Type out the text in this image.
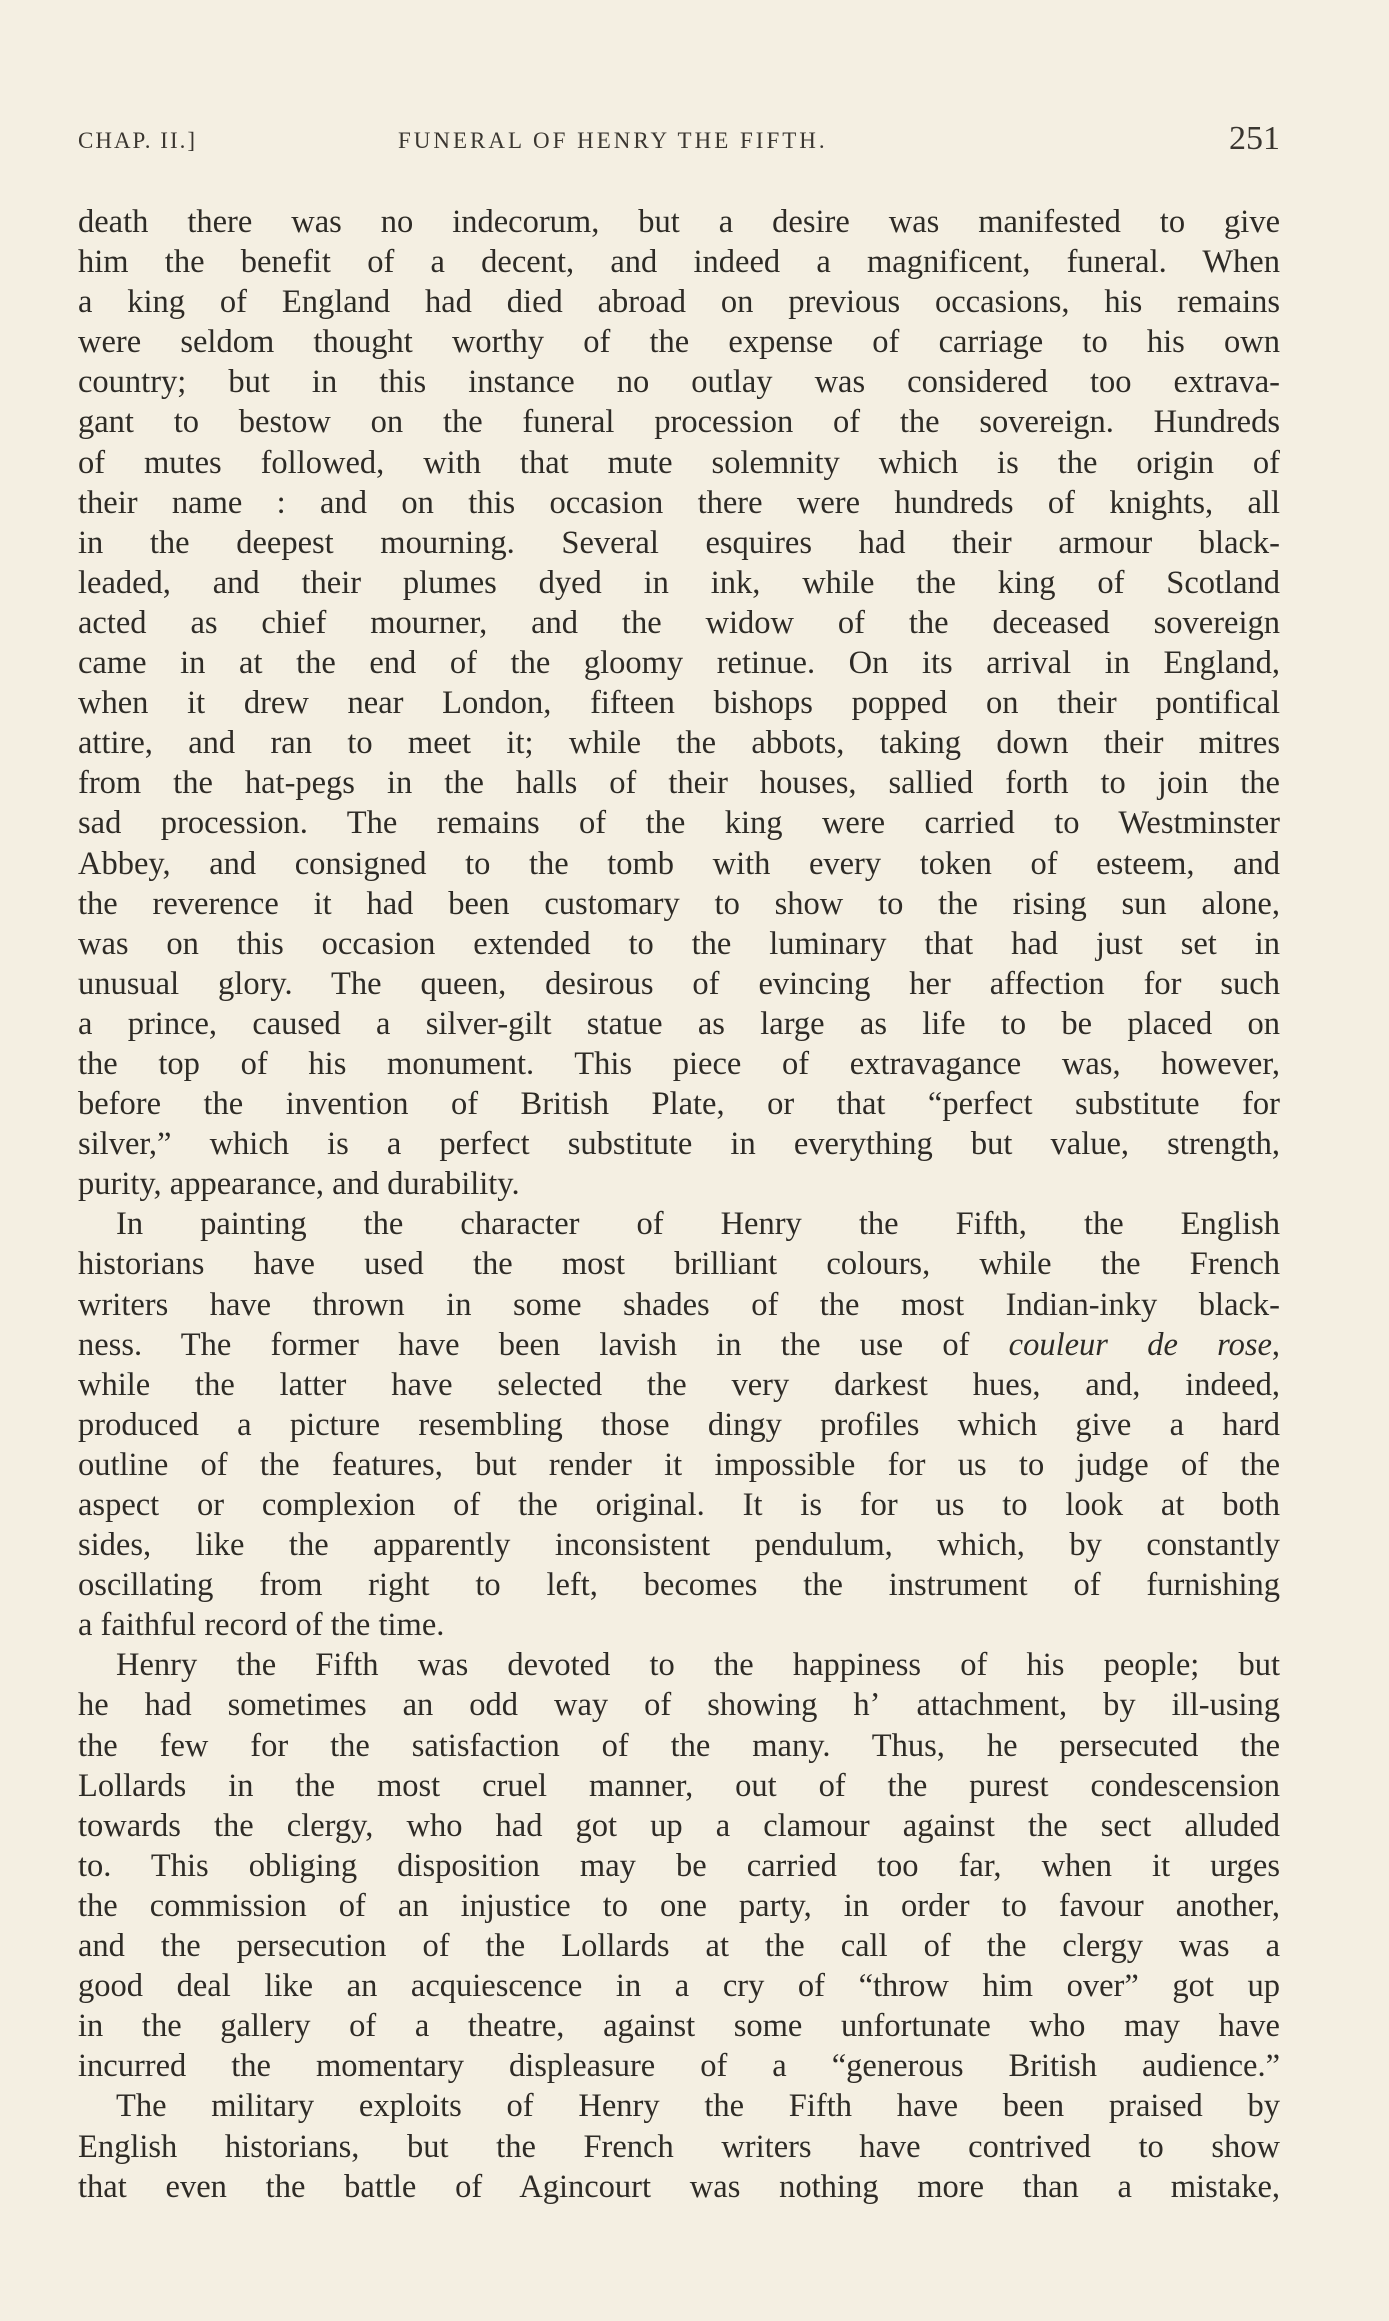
CHAP. II.]	FUNERAL OF HENRY THE FIFTH.	251
death there was no indecorum, but a desire was manifested to give
him the benefit of a decent, and indeed a magnificent, funeral. When
a king of England had died abroad on previous occasions, his remains
were seldom thought worthy of the expense of carriage to his own
country; but in this instance no outlay was considered too extrava-
gant to bestow on the funeral procession of the sovereign. Hundreds
of mutes followed, with that mute solemnity which is the origin of
their name : and on this occasion there were hundreds of knights, all
in the deepest mourning. Several esquires had their armour black-
leaded, and their plumes dyed in ink, while the king of Scotland
acted as chief mourner, and the widow of the deceased sovereign
came in at the end of the gloomy retinue. On its arrival in England,
when it drew near London, fifteen bishops popped on their pontifical
attire, and ran to meet it; while the abbots, taking down their mitres
from the hat-pegs in the halls of their houses, sallied forth to join the
sad procession. The remains of the king were carried to Westminster
Abbey, and consigned to the tomb with every token of esteem, and
the reverence it had been customary to show to the rising sun alone,
was on this occasion extended to the luminary that had just set in
unusual glory. The queen, desirous of evincing her affection for such
a prince, caused a silver-gilt statue as large as life to be placed on
the top of his monument. This piece of extravagance was, however,
before the invention of British Plate, or that “perfect substitute for
silver,” which is a perfect substitute in everything but value, strength,
purity, appearance, and durability.
In painting the character of Henry the Fifth, the English
historians have used the most brilliant colours, while the French
writers have thrown in some shades of the most Indian-inky black-
ness. The former have been lavish in the use of couleur de rose,
while the latter have selected the very darkest hues, and, indeed,
produced a picture resembling those dingy profiles which give a hard
outline of the features, but render it impossible for us to judge of the
aspect or complexion of the original. It is for us to look at both
sides, like the apparently inconsistent pendulum, which, by constantly
oscillating from right to left, becomes the instrument of furnishing
a faithful record of the time.
Henry the Fifth was devoted to the happiness of his people; but
he had sometimes an odd way of showing hʼ attachment, by ill-using
the few for the satisfaction of the many. Thus, he persecuted the
Lollards in the most cruel manner, out of the purest condescension
towards the clergy, who had got up a clamour against the sect alluded
to. This obliging disposition may be carried too far, when it urges
the commission of an injustice to one party, in order to favour another,
and the persecution of the Lollards at the call of the clergy was a
good deal like an acquiescence in a cry of “throw him over” got up
in the gallery of a theatre, against some unfortunate who may have
incurred the momentary displeasure of a “generous British audience.”
The military exploits of Henry the Fifth have been praised by
English historians, but the French writers have contrived to show
that even the battle of Agincourt was nothing more than a mistake,
